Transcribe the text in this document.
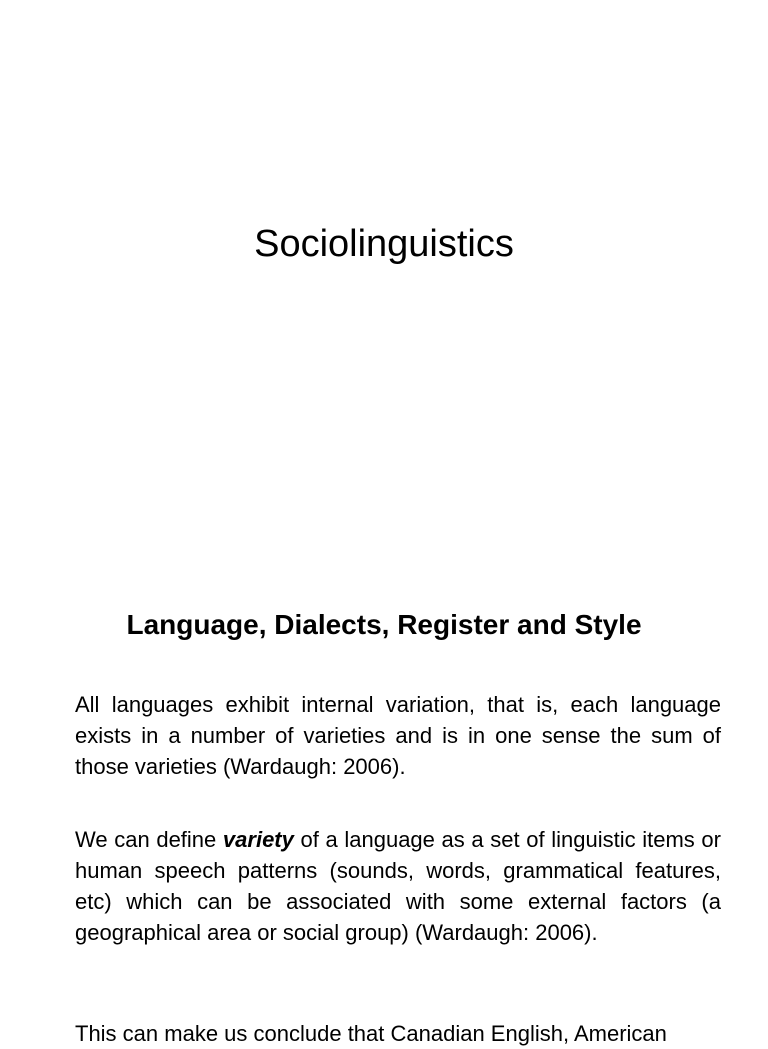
Sociolinguistics
Language, Dialects, Register and Style

All languages exhibit internal variation, that is, each language exists in a number of varieties and is in one sense the sum of those varieties (Wardaugh: 2006).

We can define variety of a language as a set of linguistic items or human speech patterns (sounds, words, grammatical features, etc) which can be associated with some external factors (a geographical area or social group) (Wardaugh: 2006).

This can make us conclude that Canadian English, American
